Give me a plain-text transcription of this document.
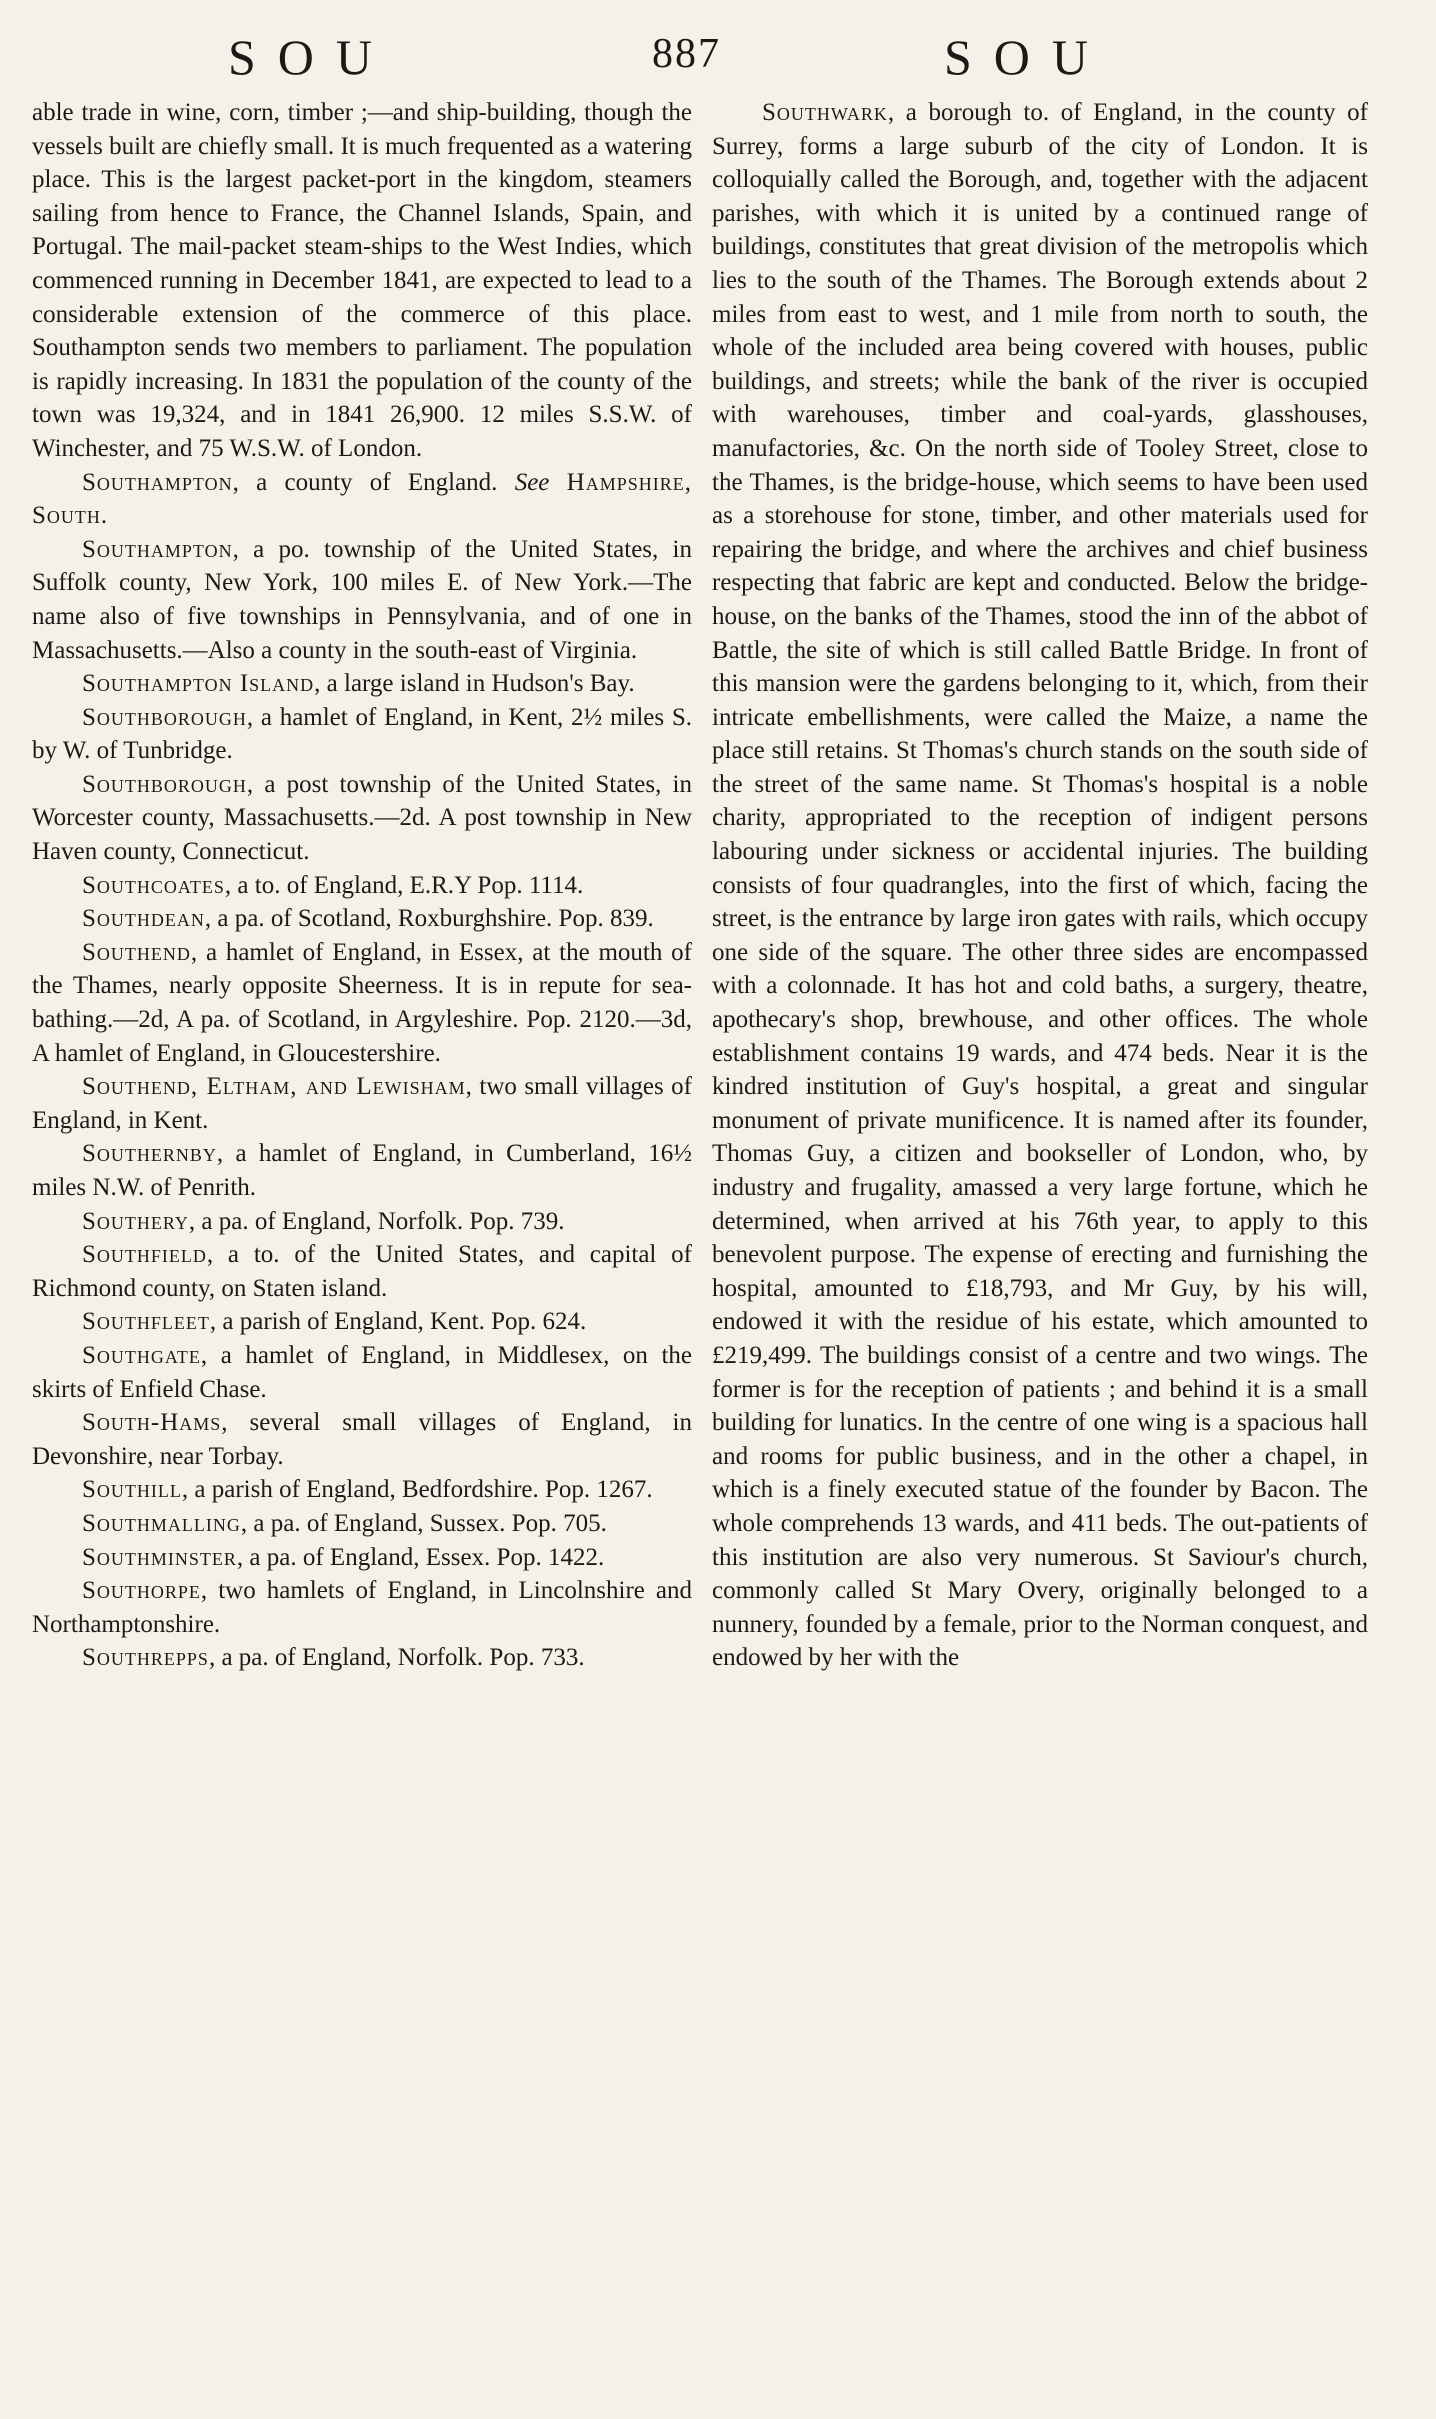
SOU	887	SOU

able trade in wine, corn, timber ;—and ship-building, though the vessels built are chiefly small. It is much frequented as a watering place. This is the largest packet-port in the kingdom, steamers sailing from hence to France, the Channel Islands, Spain, and Portugal. The mail-packet steam-ships to the West Indies, which commenced running in December 1841, are expected to lead to a considerable extension of the commerce of this place. Southampton sends two members to parliament. The population is rapidly increasing. In 1831 the population of the county of the town was 19,324, and in 1841 26,900. 12 miles S.S.W. of Winchester, and 75 W.S.W. of London.

Southampton, a county of England. See Hampshire, South.

Southampton, a po. township of the United States, in Suffolk county, New York, 100 miles E. of New York.—The name also of five townships in Pennsylvania, and of one in Massachusetts.—Also a county in the south-east of Virginia.

Southampton Island, a large island in Hudson's Bay.

Southborough, a hamlet of England, in Kent, 2½ miles S. by W. of Tunbridge.

Southborough, a post township of the United States, in Worcester county, Massachusetts.—2d. A post township in New Haven county, Connecticut.

Southcoates, a to. of England, E.R.Y Pop. 1114.

Southdean, a pa. of Scotland, Roxburghshire. Pop. 839.

Southend, a hamlet of England, in Essex, at the mouth of the Thames, nearly opposite Sheerness. It is in repute for sea-bathing.—2d, A pa. of Scotland, in Argyleshire. Pop. 2120.—3d, A hamlet of England, in Gloucestershire.

Southend, Eltham, and Lewisham, two small villages of England, in Kent.

Southernby, a hamlet of England, in Cumberland, 16½ miles N.W. of Penrith.

Southery, a pa. of England, Norfolk. Pop. 739.

Southfield, a to. of the United States, and capital of Richmond county, on Staten island.

Southfleet, a parish of England, Kent. Pop. 624.

Southgate, a hamlet of England, in Middlesex, on the skirts of Enfield Chase.

South-Hams, several small villages of England, in Devonshire, near Torbay.

Southill, a parish of England, Bedfordshire. Pop. 1267.

Southmalling, a pa. of England, Sussex. Pop. 705.

Southminster, a pa. of England, Essex. Pop. 1422.

Southorpe, two hamlets of England, in Lincolnshire and Northamptonshire.

Southrepps, a pa. of England, Norfolk. Pop. 733.

Southwark, a borough to. of England, in the county of Surrey, forms a large suburb of the city of London. It is colloquially called the Borough, and, together with the adjacent parishes, with which it is united by a continued range of buildings, constitutes that great division of the metropolis which lies to the south of the Thames. The Borough extends about 2 miles from east to west, and 1 mile from north to south, the whole of the included area being covered with houses, public buildings, and streets; while the bank of the river is occupied with warehouses, timber and coal-yards, glasshouses, manufactories, &c. On the north side of Tooley Street, close to the Thames, is the bridge-house, which seems to have been used as a storehouse for stone, timber, and other materials used for repairing the bridge, and where the archives and chief business respecting that fabric are kept and conducted. Below the bridge-house, on the banks of the Thames, stood the inn of the abbot of Battle, the site of which is still called Battle Bridge. In front of this mansion were the gardens belonging to it, which, from their intricate embellishments, were called the Maize, a name the place still retains. St Thomas's church stands on the south side of the street of the same name. St Thomas's hospital is a noble charity, appropriated to the reception of indigent persons labouring under sickness or accidental injuries. The building consists of four quadrangles, into the first of which, facing the street, is the entrance by large iron gates with rails, which occupy one side of the square. The other three sides are encompassed with a colonnade. It has hot and cold baths, a surgery, theatre, apothecary's shop, brewhouse, and other offices. The whole establishment contains 19 wards, and 474 beds. Near it is the kindred institution of Guy's hospital, a great and singular monument of private munificence. It is named after its founder, Thomas Guy, a citizen and bookseller of London, who, by industry and frugality, amassed a very large fortune, which he determined, when arrived at his 76th year, to apply to this benevolent purpose. The expense of erecting and furnishing the hospital, amounted to £18,793, and Mr Guy, by his will, endowed it with the residue of his estate, which amounted to £219,499. The buildings consist of a centre and two wings. The former is for the reception of patients ; and behind it is a small building for lunatics. In the centre of one wing is a spacious hall and rooms for public business, and in the other a chapel, in which is a finely executed statue of the founder by Bacon. The whole comprehends 13 wards, and 411 beds. The out-patients of this institution are also very numerous. St Saviour's church, commonly called St Mary Overy, originally belonged to a nunnery, founded by a female, prior to the Norman conquest, and endowed by her with the
